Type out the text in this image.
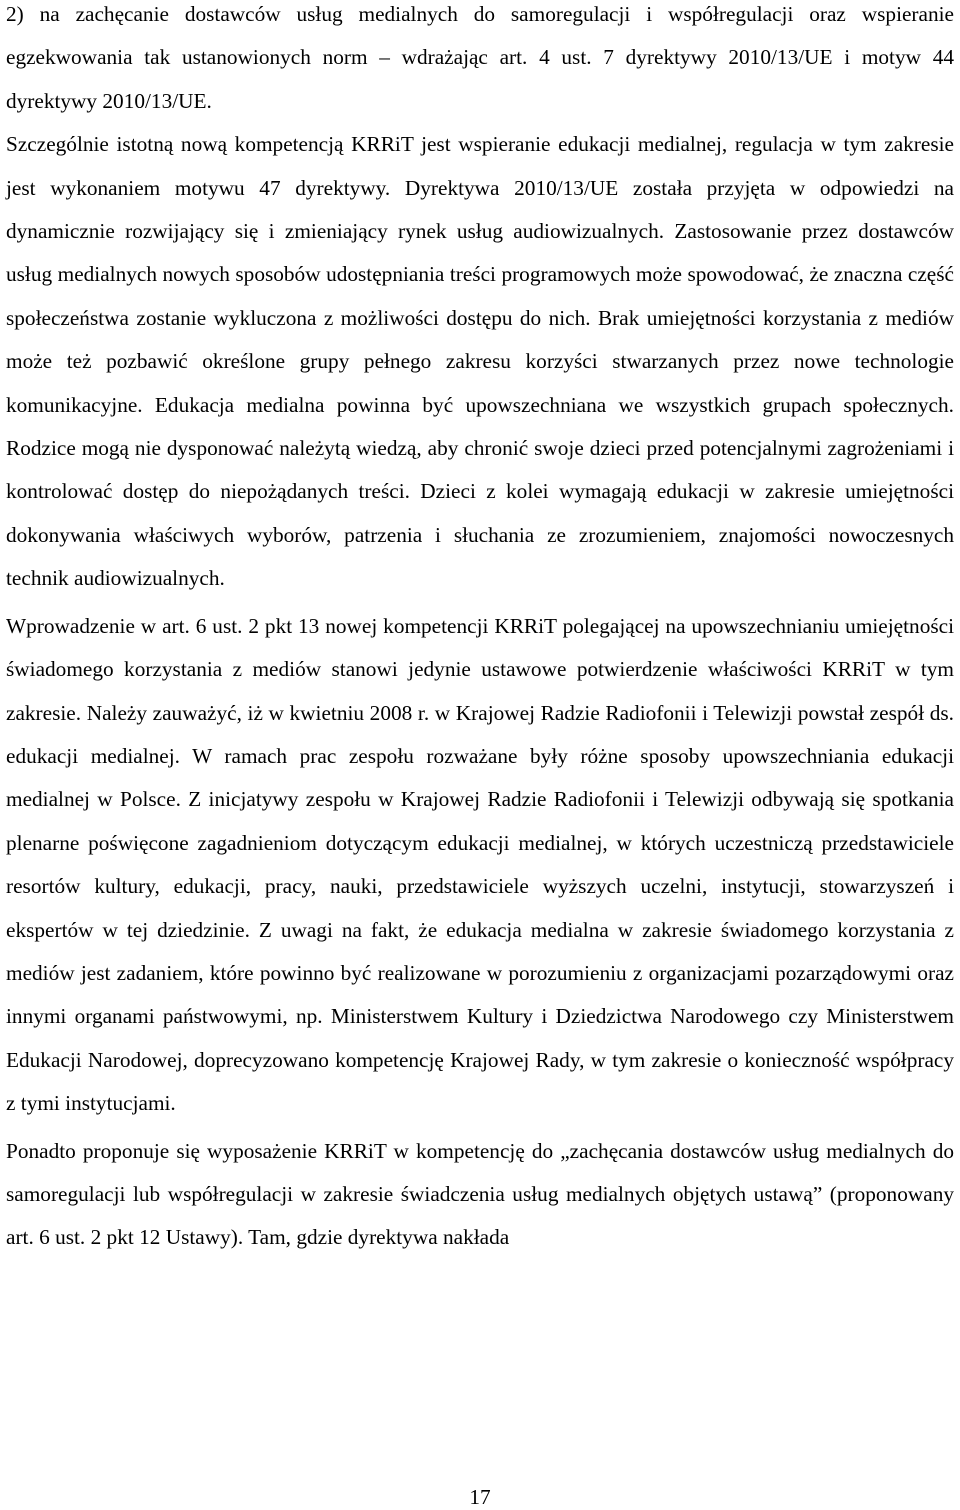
2) na zachęcanie dostawców usług medialnych do samoregulacji i współregulacji oraz wspieranie egzekwowania tak ustanowionych norm – wdrażając art. 4 ust. 7 dyrektywy 2010/13/UE i motyw 44 dyrektywy 2010/13/UE.

Szczególnie istotną nową kompetencją KRRiT jest wspieranie edukacji medialnej, regulacja w tym zakresie jest wykonaniem motywu 47 dyrektywy. Dyrektywa 2010/13/UE została przyjęta w odpowiedzi na dynamicznie rozwijający się i zmieniający rynek usług audiowizualnych. Zastosowanie przez dostawców usług medialnych nowych sposobów udostępniania treści programowych może spowodować, że znaczna część społeczeństwa zostanie wykluczona z możliwości dostępu do nich. Brak umiejętności korzystania z mediów może też pozbawić określone grupy pełnego zakresu korzyści stwarzanych przez nowe technologie komunikacyjne. Edukacja medialna powinna być upowszechniana we wszystkich grupach społecznych. Rodzice mogą nie dysponować należytą wiedzą, aby chronić swoje dzieci przed potencjalnymi zagrożeniami i kontrolować dostęp do niepożądanych treści. Dzieci z kolei wymagają edukacji w zakresie umiejętności dokonywania właściwych wyborów, patrzenia i słuchania ze zrozumieniem, znajomości nowoczesnych technik audiowizualnych.

Wprowadzenie w art. 6 ust. 2 pkt 13 nowej kompetencji KRRiT polegającej na upowszechnianiu umiejętności świadomego korzystania z mediów stanowi jedynie ustawowe potwierdzenie właściwości KRRiT w tym zakresie. Należy zauważyć, iż w kwietniu 2008 r. w Krajowej Radzie Radiofonii i Telewizji powstał zespół ds. edukacji medialnej. W ramach prac zespołu rozważane były różne sposoby upowszechniania edukacji medialnej w Polsce. Z inicjatywy zespołu w Krajowej Radzie Radiofonii i Telewizji odbywają się spotkania plenarne poświęcone zagadnieniom dotyczącym edukacji medialnej, w których uczestniczą przedstawiciele resortów kultury, edukacji, pracy, nauki, przedstawiciele wyższych uczelni, instytucji, stowarzyszeń i ekspertów w tej dziedzinie. Z uwagi na fakt, że edukacja medialna w zakresie świadomego korzystania z mediów jest zadaniem, które powinno być realizowane w porozumieniu z organizacjami pozarządowymi oraz innymi organami państwowymi, np. Ministerstwem Kultury i Dziedzictwa Narodowego czy Ministerstwem Edukacji Narodowej, doprecyzowano kompetencję Krajowej Rady, w tym zakresie o konieczność współpracy z tymi instytucjami.

Ponadto proponuje się wyposażenie KRRiT w kompetencję do „zachęcania dostawców usług medialnych do samoregulacji lub współregulacji w zakresie świadczenia usług medialnych objętych ustawą” (proponowany art. 6 ust. 2 pkt 12 Ustawy). Tam, gdzie dyrektywa nakłada

17
